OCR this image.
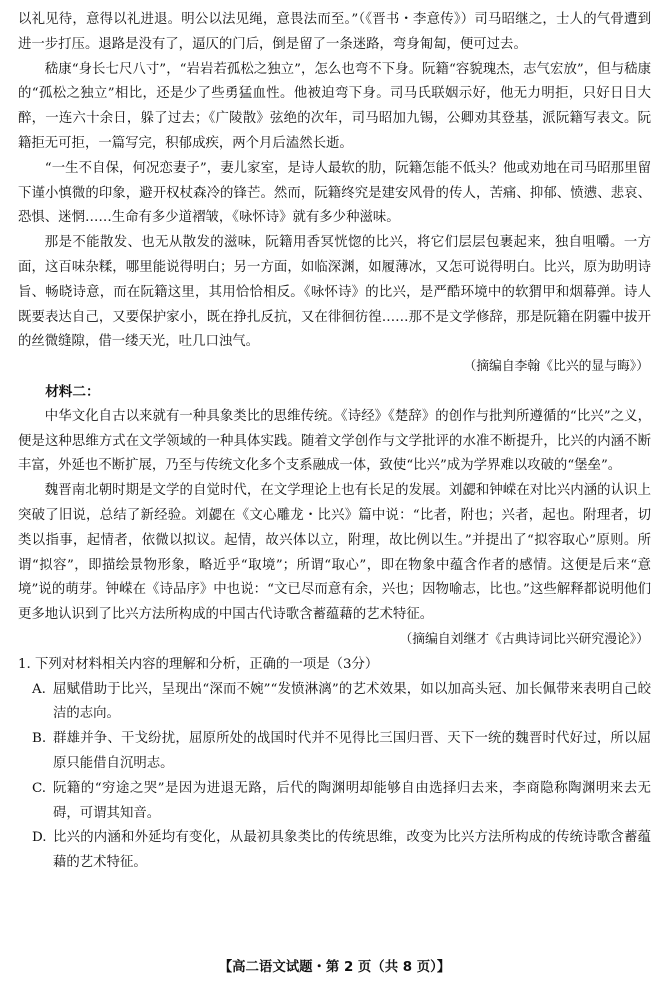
以礼见待，意得以礼进退。明公以法见绳，意畏法而至。”（《晋书・李意传》）司马昭继之，士人的气骨遭到进一步打压。退路是没有了，逼仄的门后，倒是留了一条迷路，弯身匍匐，便可过去。

嵇康“身长七尺八寸”，“岩岩若孤松之独立”，怎么也弯不下身。阮籍“容貌瑰杰，志气宏放”，但与嵇康的“孤松之独立”相比，还是少了些勇猛血性。他被迫弯下身。司马氏联姻示好，他无力明拒，只好日日大醉，一连六十余日，躲了过去；《广陵散》弦绝的次年，司马昭加九锡，公卿劝其登基，派阮籍写表文。阮籍拒无可拒，一篇写完，积郁成疾，两个月后溘然长逝。

“一生不自保，何况恋妻子”，妻儿家室，是诗人最软的肋，阮籍怎能不低头？他或劝地在司马昭那里留下谨小慎微的印象，避开权杖森冷的锋芒。然而，阮籍终究是建安风骨的传人，苦痛、抑郁、愤懑、悲哀、恐惧、迷惘……生命有多少道褶皱，《咏怀诗》就有多少种滋味。

那是不能散发、也无从散发的滋味，阮籍用香冥恍惚的比兴，将它们层层包裹起来，独自咀嚼。一方面，这百味杂糅，哪里能说得明白；另一方面，如临深渊，如履薄冰，又怎可说得明白。比兴，原为助明诗旨、畅晓诗意，而在阮籍这里，其用恰恰相反。《咏怀诗》的比兴，是严酷环境中的软猬甲和烟幕弹。诗人既要表达自己，又要保护家小，既在挣扎反抗，又在徘徊彷徨……那不是文学修辞，那是阮籍在阴霾中拔开的丝微缝隙，借一缕天光，吐几口浊气。

（摘编自李翰《比兴的显与晦》）

材料二：

中华文化自古以来就有一种具象类比的思维传统。《诗经》《楚辞》的创作与批判所遵循的“比兴”之义，便是这种思维方式在文学领域的一种具体实践。随着文学创作与文学批评的水准不断提升，比兴的内涵不断丰富，外延也不断扩展，乃至与传统文化多个支系融成一体，致使“比兴”成为学界难以攻破的“堡垒”。

魏晋南北朝时期是文学的自觉时代，在文学理论上也有长足的发展。刘勰和钟嵘在对比兴内涵的认识上突破了旧说，总结了新经验。刘勰在《文心雕龙・比兴》篇中说：“比者，附也；兴者，起也。附理者，切类以指事，起情者，依微以拟议。起情，故兴体以立，附理，故比例以生。”并提出了“拟容取心”原则。所谓“拟容”，即描绘景物形象，略近乎“取境”；所谓“取心”，即在物象中蕴含作者的感情。这便是后来“意境”说的萌芽。钟嵘在《诗品序》中也说：“文已尽而意有余，兴也；因物喻志，比也。”这些解释都说明他们更多地认识到了比兴方法所构成的中国古代诗歌含蓄蕴藉的艺术特征。

（摘编自刘继才《古典诗词比兴研究漫论》）

1. 下列对材料相关内容的理解和分析，正确的一项是（3分）

A. 屈赋借助于比兴，呈现出“深而不婉”“发愤淋漓”的艺术效果，如以加高头冠、加长佩带来表明自己皎洁的志向。
B. 群雄并争、干戈纷扰，屈原所处的战国时代并不见得比三国归晋、天下一统的魏晋时代好过，所以屈原只能借自沉明志。
C. 阮籍的“穷途之哭”是因为进退无路，后代的陶渊明却能够自由选择归去来，李商隐称陶渊明来去无碍，可谓其知音。
D. 比兴的内涵和外延均有变化，从最初具象类比的传统思维，改变为比兴方法所构成的传统诗歌含蓄蕴藉的艺术特征。
【高二语文试题・第 2 页（共 8 页）】
